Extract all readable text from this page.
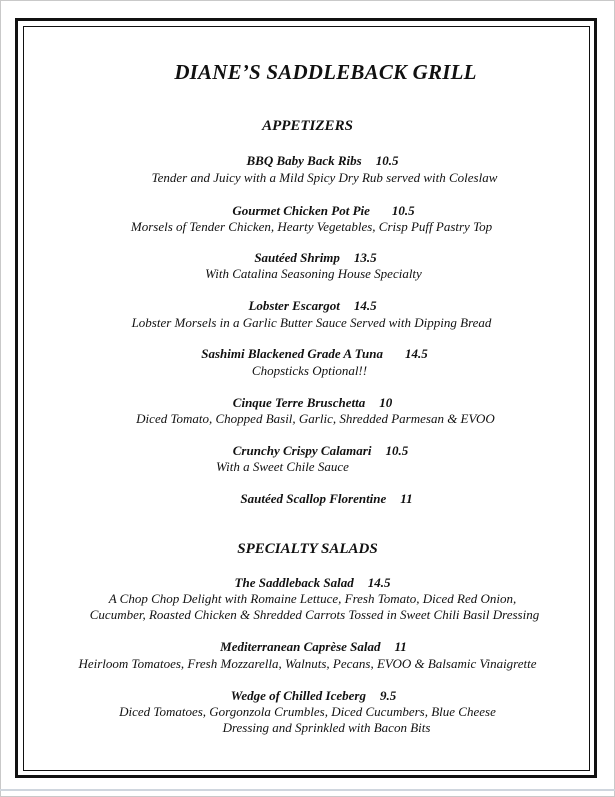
DIANE’S SADDLEBACK GRILL

APPETIZERS

BBQ Baby Back Ribs 10.5

Tender and Juicy with a Mild Spicy Dry Rub served with Coleslaw

Gourmet Chicken Pot Pie 10.5

Morsels of Tender Chicken, Hearty Vegetables, Crisp Puff Pastry Top

Sautéed Shrimp 13.5

With Catalina Seasoning House Specialty

Lobster Escargot 14.5

Lobster Morsels in a Garlic Butter Sauce Served with Dipping Bread

Sashimi Blackened Grade A Tuna 14.5

Chopsticks Optional!!

Cinque Terre Bruschetta 10

Diced Tomato, Chopped Basil, Garlic, Shredded Parmesan & EVOO

Crunchy Crispy Calamari 10.5

With a Sweet Chile Sauce

Sautéed Scallop Florentine 11

SPECIALTY SALADS

The Saddleback Salad 14.5

A Chop Chop Delight with Romaine Lettuce, Fresh Tomato, Diced Red Onion,

Cucumber, Roasted Chicken & Shredded Carrots Tossed in Sweet Chili Basil Dressing

Mediterranean Caprèse Salad 11

Heirloom Tomatoes, Fresh Mozzarella, Walnuts, Pecans, EVOO & Balsamic Vinaigrette

Wedge of Chilled Iceberg 9.5

Diced Tomatoes, Gorgonzola Crumbles, Diced Cucumbers, Blue Cheese

Dressing and Sprinkled with Bacon Bits
